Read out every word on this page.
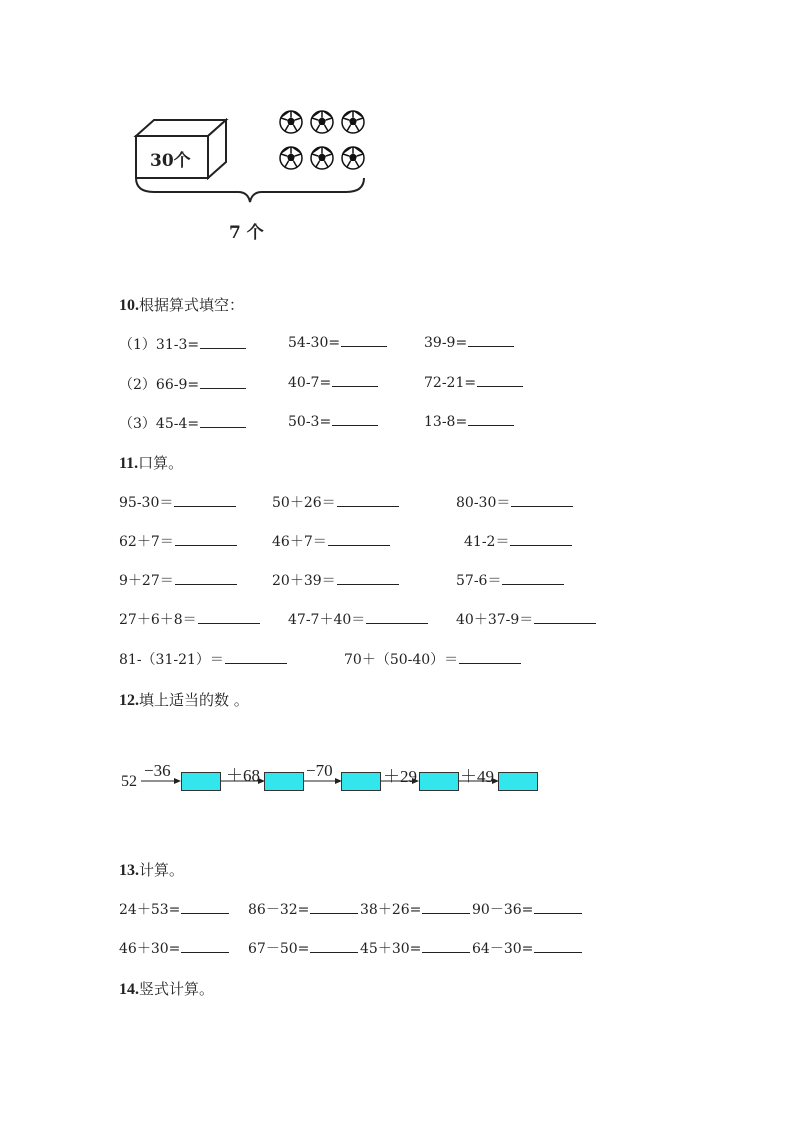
30个
7 个
10.根据算式填空：
（1）31-3=	54-30=	39-9=
（2）66-9=	40-7=	72-21=
（3）45-4=	50-3=	13-8=
11.口算。
95-30＝	50＋26＝	80-30＝
62＋7＝	46＋7＝	41-2＝
9＋27＝	20＋39＝	57-6＝
27＋6＋8＝	47-7＋40＝	40＋37-9＝
81-（31-21）＝	70＋（50-40）＝
12.填上适当的数 。
52
−36	＋68	−70	＋29	＋49
13.计算。
24＋53=	86－32=	38＋26=	90－36=
46＋30=	67－50=	45＋30=	64－30=
14.竖式计算。
